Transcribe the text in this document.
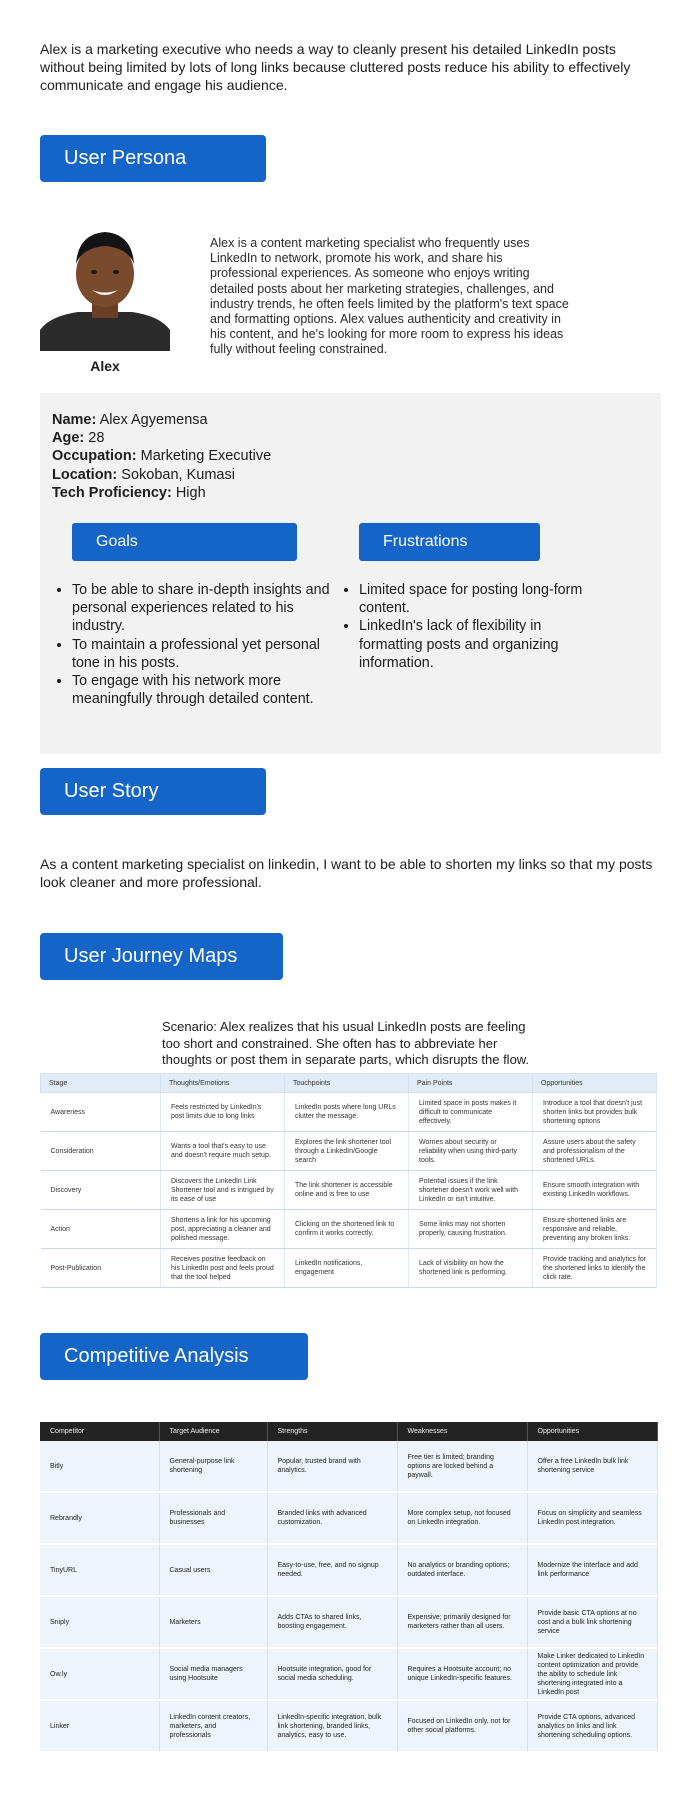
Alex is a marketing executive who needs a way to cleanly present his detailed LinkedIn posts without being limited by lots of long links because cluttered posts reduce his ability to effectively communicate and engage his audience.

User Persona
Alex

Alex is a content marketing specialist who frequently uses LinkedIn to network, promote his work, and share his professional experiences. As someone who enjoys writing detailed posts about her marketing strategies, challenges, and industry trends, he often feels limited by the platform's text space and formatting options. Alex values authenticity and creativity in his content, and he's looking for more room to express his ideas fully without feeling constrained.

Name: Alex Agyemensa
Age: 28
Occupation: Marketing Executive
Location: Sokoban, Kumasi
Tech Proficiency: High
Goals	Frustrations
• To be able to share in-depth insights and personal experiences related to his industry.
• To maintain a professional yet personal tone in his posts.
• To engage with his network more meaningfully through detailed content.
• Limited space for posting long-form content.
• LinkedIn's lack of flexibility in formatting posts and organizing information.
User Story

As a content marketing specialist on linkedin, I want to be able to shorten my links so that my posts look cleaner and more professional.

User Journey Maps

Scenario: Alex realizes that his usual LinkedIn posts are feeling too short and constrained. She often has to abbreviate her thoughts or post them in separate parts, which disrupts the flow.

Stage	Thoughts/Emotions	Touchpoints	Pain Points	Opportunities
Awareness	Feels restricted by LinkedIn's post limits due to long links	LinkedIn posts where long URLs clutter the message.	Limited space in posts makes it difficult to communicate effectively.	Introduce a tool that doesn't just shorten links but provides bulk shortening options
Consideration	Wants a tool that's easy to use and doesn't require much setup.	Explores the link shortener tool through a LinkedIn/Google search	Worries about security or reliability when using third-party tools.	Assure users about the safety and professionalism of the shortened URLs.
Discovery	Discovers the LinkedIn Link Shortener tool and is intrigued by its ease of use	The link shortener is accessible online and is free to use	Potential issues if the link shortener doesn't work well with LinkedIn or isn't intuitive.	Ensure smooth integration with existing LinkedIn workflows.
Action	Shortens a link for his upcoming post, appreciating a cleaner and polished message.	Clicking on the shortened link to confirm it works correctly.	Some links may not shorten properly, causing frustration.	Ensure shortened links are responsive and reliable, preventing any broken links.
Post-Publication	Receives positive feedback on his LinkedIn post and feels proud that the tool helped	LinkedIn notifications, engagement	Lack of visibility on how the shortened link is performing.	Provide tracking and analytics for the shortened links to identify the click rate.
Competitive Analysis
Competitor	Target Audience	Strengths	Weaknesses	Opportunities
Bitly	General-purpose link shortening	Popular, trusted brand with analytics.	Free tier is limited; branding options are locked behind a paywall.	Offer a free LinkedIn bulk link shortening service
Rebrandly	Professionals and businesses	Branded links with advanced customization.	More complex setup, not focused on LinkedIn integration.	Focus on simplicity and seamless LinkedIn post integration.
TinyURL	Casual users	Easy-to-use, free, and no signup needed.	No analytics or branding options; outdated interface.	Modernize the interface and add link performance
Sniply	Marketers	Adds CTAs to shared links, boosting engagement.	Expensive; primarily designed for marketers rather than all users.	Provide basic CTA options at no cost and a bulk link shortening service
Ow.ly	Social media managers using Hootsuite	Hootsuite integration, good for social media scheduling.	Requires a Hootsuite account; no unique LinkedIn-specific features.	Make Linker dedicated to LinkedIn content optimization and provide the ability to schedule link shortening integrated into a LinkedIn post
Linker	LinkedIn content creators, marketers, and professionals	LinkedIn-specific integration, bulk link shortening, branded links, analytics, easy to use.	Focused on LinkedIn only, not for other social platforms.	Provide CTA options, advanced analytics on links and link shortening scheduling options.
